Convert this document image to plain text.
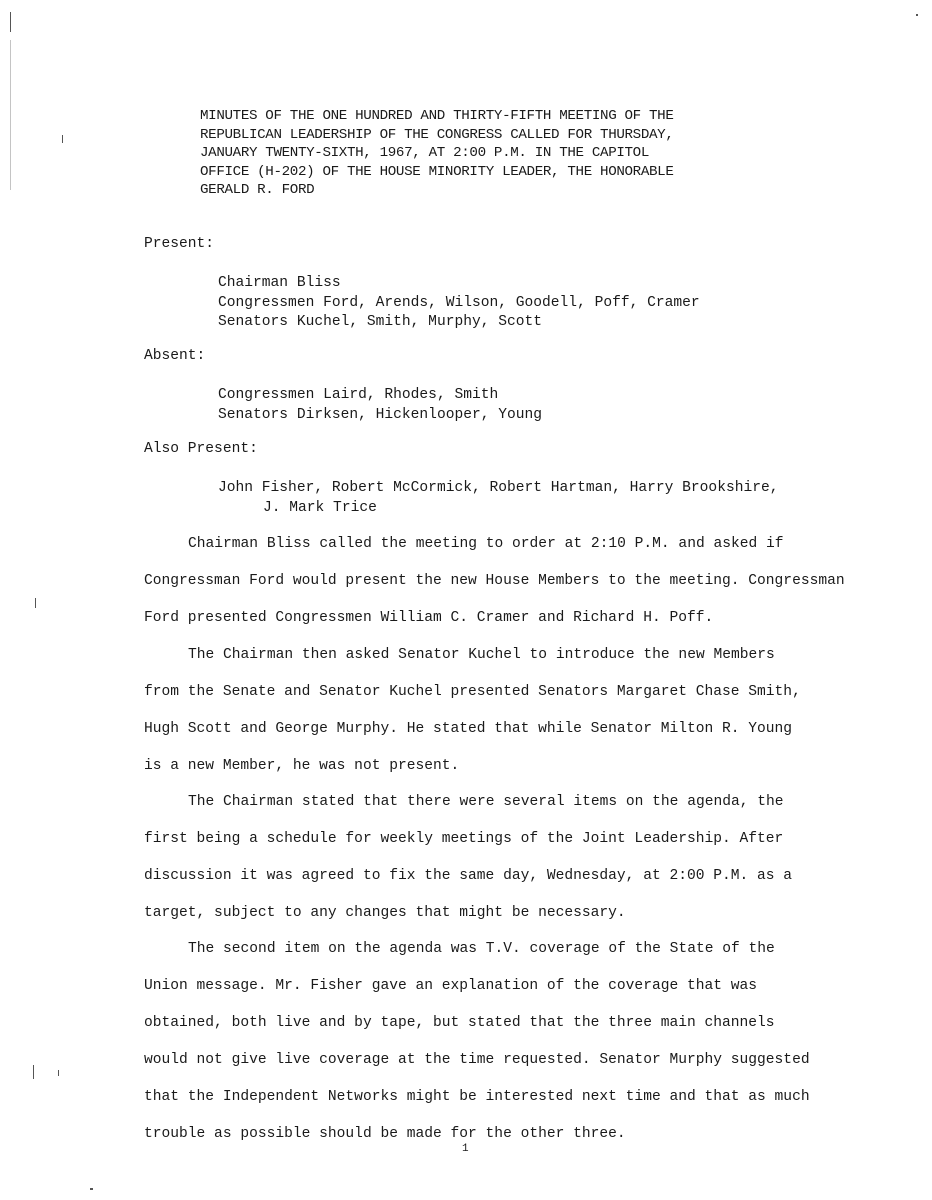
MINUTES OF THE ONE HUNDRED AND THIRTY-FIFTH MEETING OF THE
REPUBLICAN LEADERSHIP OF THE CONGRESS CALLED FOR THURSDAY,
JANUARY TWENTY-SIXTH, 1967, AT 2:00 P.M. IN THE CAPITOL
OFFICE (H-202) OF THE HOUSE MINORITY LEADER, THE HONORABLE
GERALD R. FORD
Present:
Chairman Bliss
Congressmen Ford, Arends, Wilson, Goodell, Poff, Cramer
Senators Kuchel, Smith, Murphy, Scott
Absent:
Congressmen Laird, Rhodes, Smith
Senators Dirksen, Hickenlooper, Young
Also Present:
John Fisher, Robert McCormick, Robert Hartman, Harry Brookshire,
J. Mark Trice
Chairman Bliss called the meeting to order at 2:10 P.M. and asked if
Congressman Ford would present the new House Members to the meeting. Congressman
Ford presented Congressmen William C. Cramer and Richard H. Poff.
The Chairman then asked Senator Kuchel to introduce the new Members
from the Senate and Senator Kuchel presented Senators Margaret Chase Smith,
Hugh Scott and George Murphy. He stated that while Senator Milton R. Young
is a new Member, he was not present.
The Chairman stated that there were several items on the agenda, the
first being a schedule for weekly meetings of the Joint Leadership. After
discussion it was agreed to fix the same day, Wednesday, at 2:00 P.M. as a
target, subject to any changes that might be necessary.
The second item on the agenda was T.V. coverage of the State of the
Union message. Mr. Fisher gave an explanation of the coverage that was
obtained, both live and by tape, but stated that the three main channels
would not give live coverage at the time requested. Senator Murphy suggested
that the Independent Networks might be interested next time and that as much
trouble as possible should be made for the other three.
1
